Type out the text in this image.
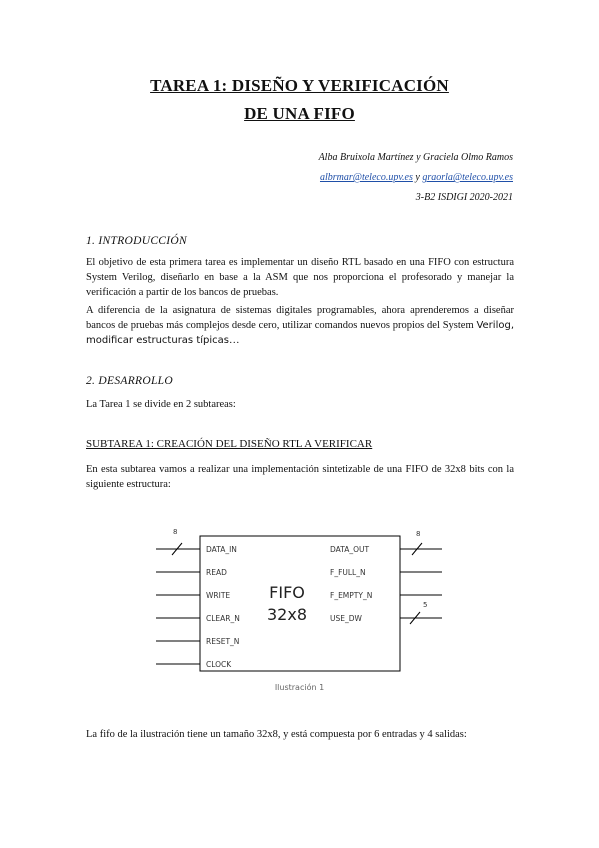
TAREA 1: DISEÑO Y VERIFICACIÓN
DE UNA FIFO
Alba Bruixola Martínez y Graciela Olmo Ramos
albrmar@teleco.upv.es y graorla@teleco.upv.es
3-B2 ISDIGI 2020-2021
1. INTRODUCCIÓN
El objetivo de esta primera tarea es implementar un diseño RTL basado en una FIFO con estructura System Verilog, diseñarlo en base a la ASM que nos proporciona el profesorado y manejar la verificación a partir de los bancos de pruebas.
A diferencia de la asignatura de sistemas digitales programables, ahora aprenderemos a diseñar bancos de pruebas más complejos desde cero, utilizar comandos nuevos propios del System Verilog, modificar estructuras típicas…
2. DESARROLLO
La Tarea 1 se divide en 2 subtareas:
SUBTAREA 1: CREACIÓN DEL DISEÑO RTL A VERIFICAR
En esta subtarea vamos a realizar una implementación sintetizable de una FIFO de 32x8 bits con la siguiente estructura:
8	8
5
DATA_IN
READ
WRITE
CLEAR_N
RESET_N
CLOCK
DATA_OUT
F_FULL_N
F_EMPTY_N
USE_DW
FIFO
32x8
Ilustración 1
La fifo de la ilustración tiene un tamaño 32x8, y está compuesta por 6 entradas y 4 salidas:
